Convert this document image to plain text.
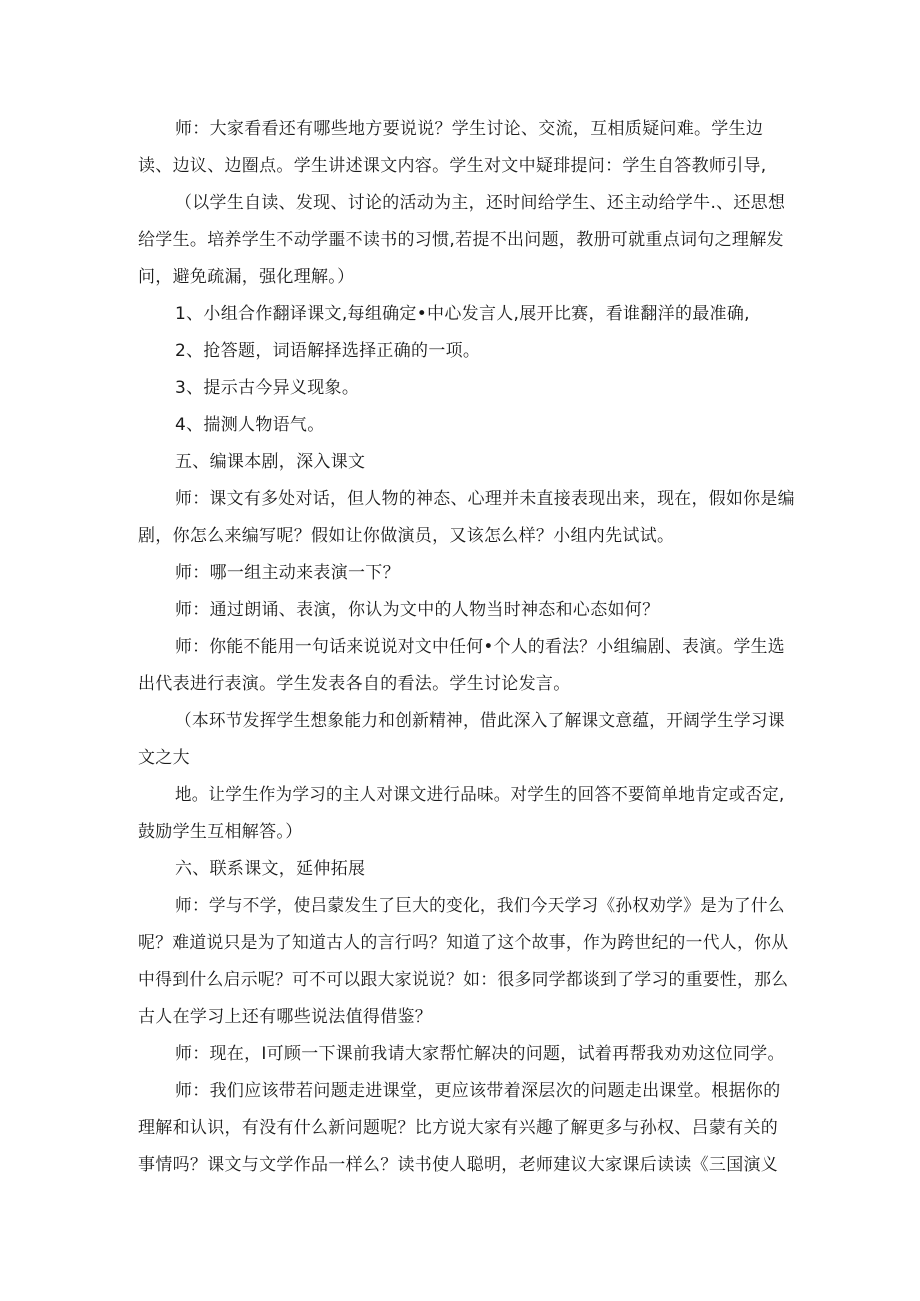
师：大家看看还有哪些地方要说说？学生讨论、交流，互相质疑问难。学生边
读、边议、边圈点。学生讲述课文内容。学生对文中疑琲提问：学生自答教师引导,
（以学生自读、发现、讨论的活动为主，还时间给学生、还主动给学牛.、还思想
给学生。培养学生不动学噩不读书的习惯,若提不出问题，教册可就重点词句之理解发
问，避免疏漏，强化理解。）
1、小组合作翻译课文,每组确定•中心发言人,展开比赛，看谁翻洋的最准确,
2、抢答题，词语解择选择正确的一项。
3、提示古今异义现象。
4、揣测人物语气。
五、编课本剧，深入课文
师：课文有多处对话，但人物的神态、心理并未直接表现出来，现在，假如你是编
剧，你怎么来编写呢？假如让你做演员，又该怎么样？小组内先试试。
师：哪一组主动来表演一下？
师：通过朗诵、表演，你认为文中的人物当时神态和心态如何？
师：你能不能用一句话来说说对文中任何•个人的看法？小组编剧、表演。学生选
出代表进行表演。学生发表各自的看法。学生讨论发言。
（本环节发挥学生想象能力和创新精神，借此深入了解课文意蕴，开阔学生学习课
文之大
地。让学生作为学习的主人对课文进行品味。对学生的回答不要简单地肯定或否定,
鼓励学生互相解答。）
六、联系课文，延伸拓展
师：学与不学，使吕蒙发生了巨大的变化，我们今天学习《孙权劝学》是为了什么
呢？难道说只是为了知道古人的言行吗？知道了这个故事，作为跨世纪的一代人，你从
中得到什么启示呢？可不可以跟大家说说？如：很多同学都谈到了学习的重要性，那么
古人在学习上还有哪些说法值得借鉴？
师：现在，I可顾一下课前我请大家帮忙解决的问题，试着再帮我劝劝这位同学。
师：我们应该带若问题走进课堂，更应该带着深层次的问题走出课堂。根据你的
理解和认识，有没有什么新问题呢？比方说大家有兴趣了解更多与孙权、吕蒙有关的
事情吗？课文与文学作品一样么？读书使人聪明，老师建议大家课后读读《三国演义
